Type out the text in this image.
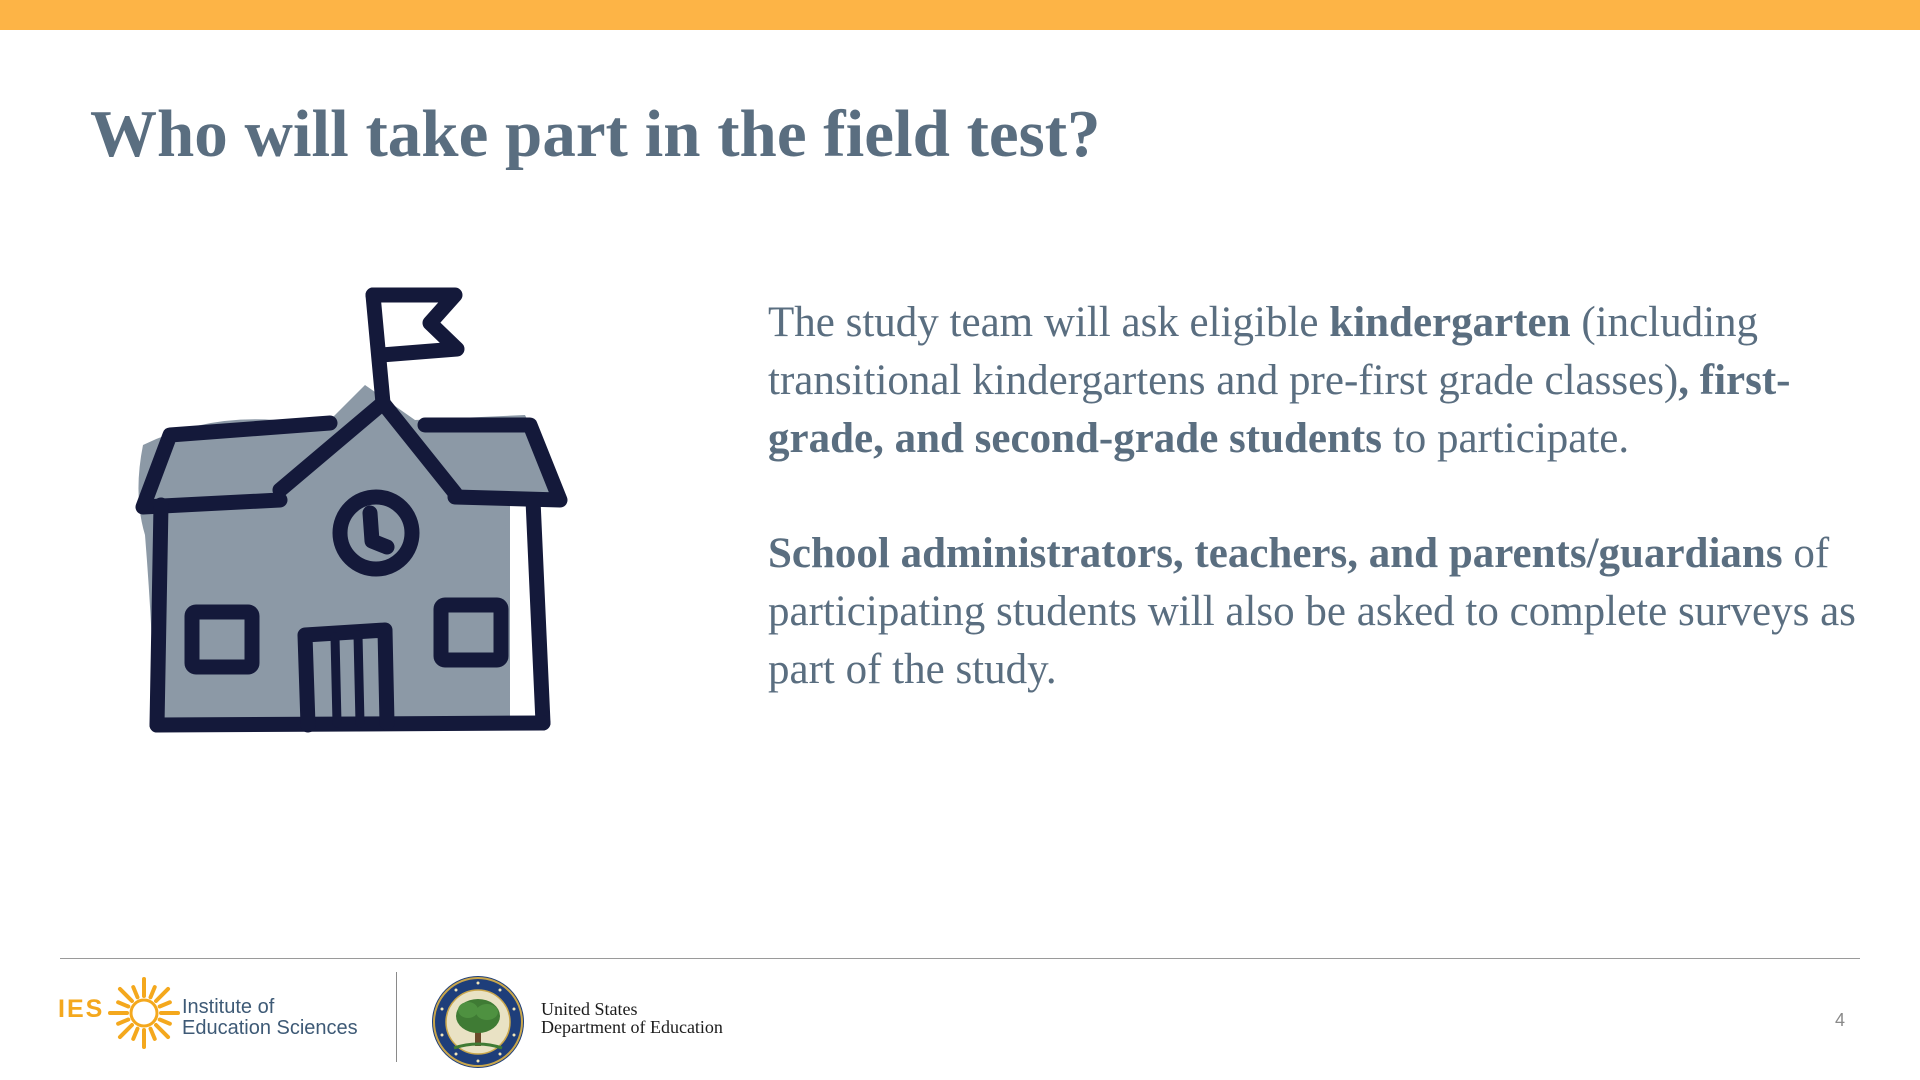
Who will take part in the field test?

The study team will ask eligible kindergarten (including transitional kindergartens and pre-first grade classes), first-grade, and second-grade students to participate.

School administrators, teachers, and parents/guardians of participating students will also be asked to complete surveys as part of the study.

IES	Institute of
Education Sciences
United States
Department of Education	4
